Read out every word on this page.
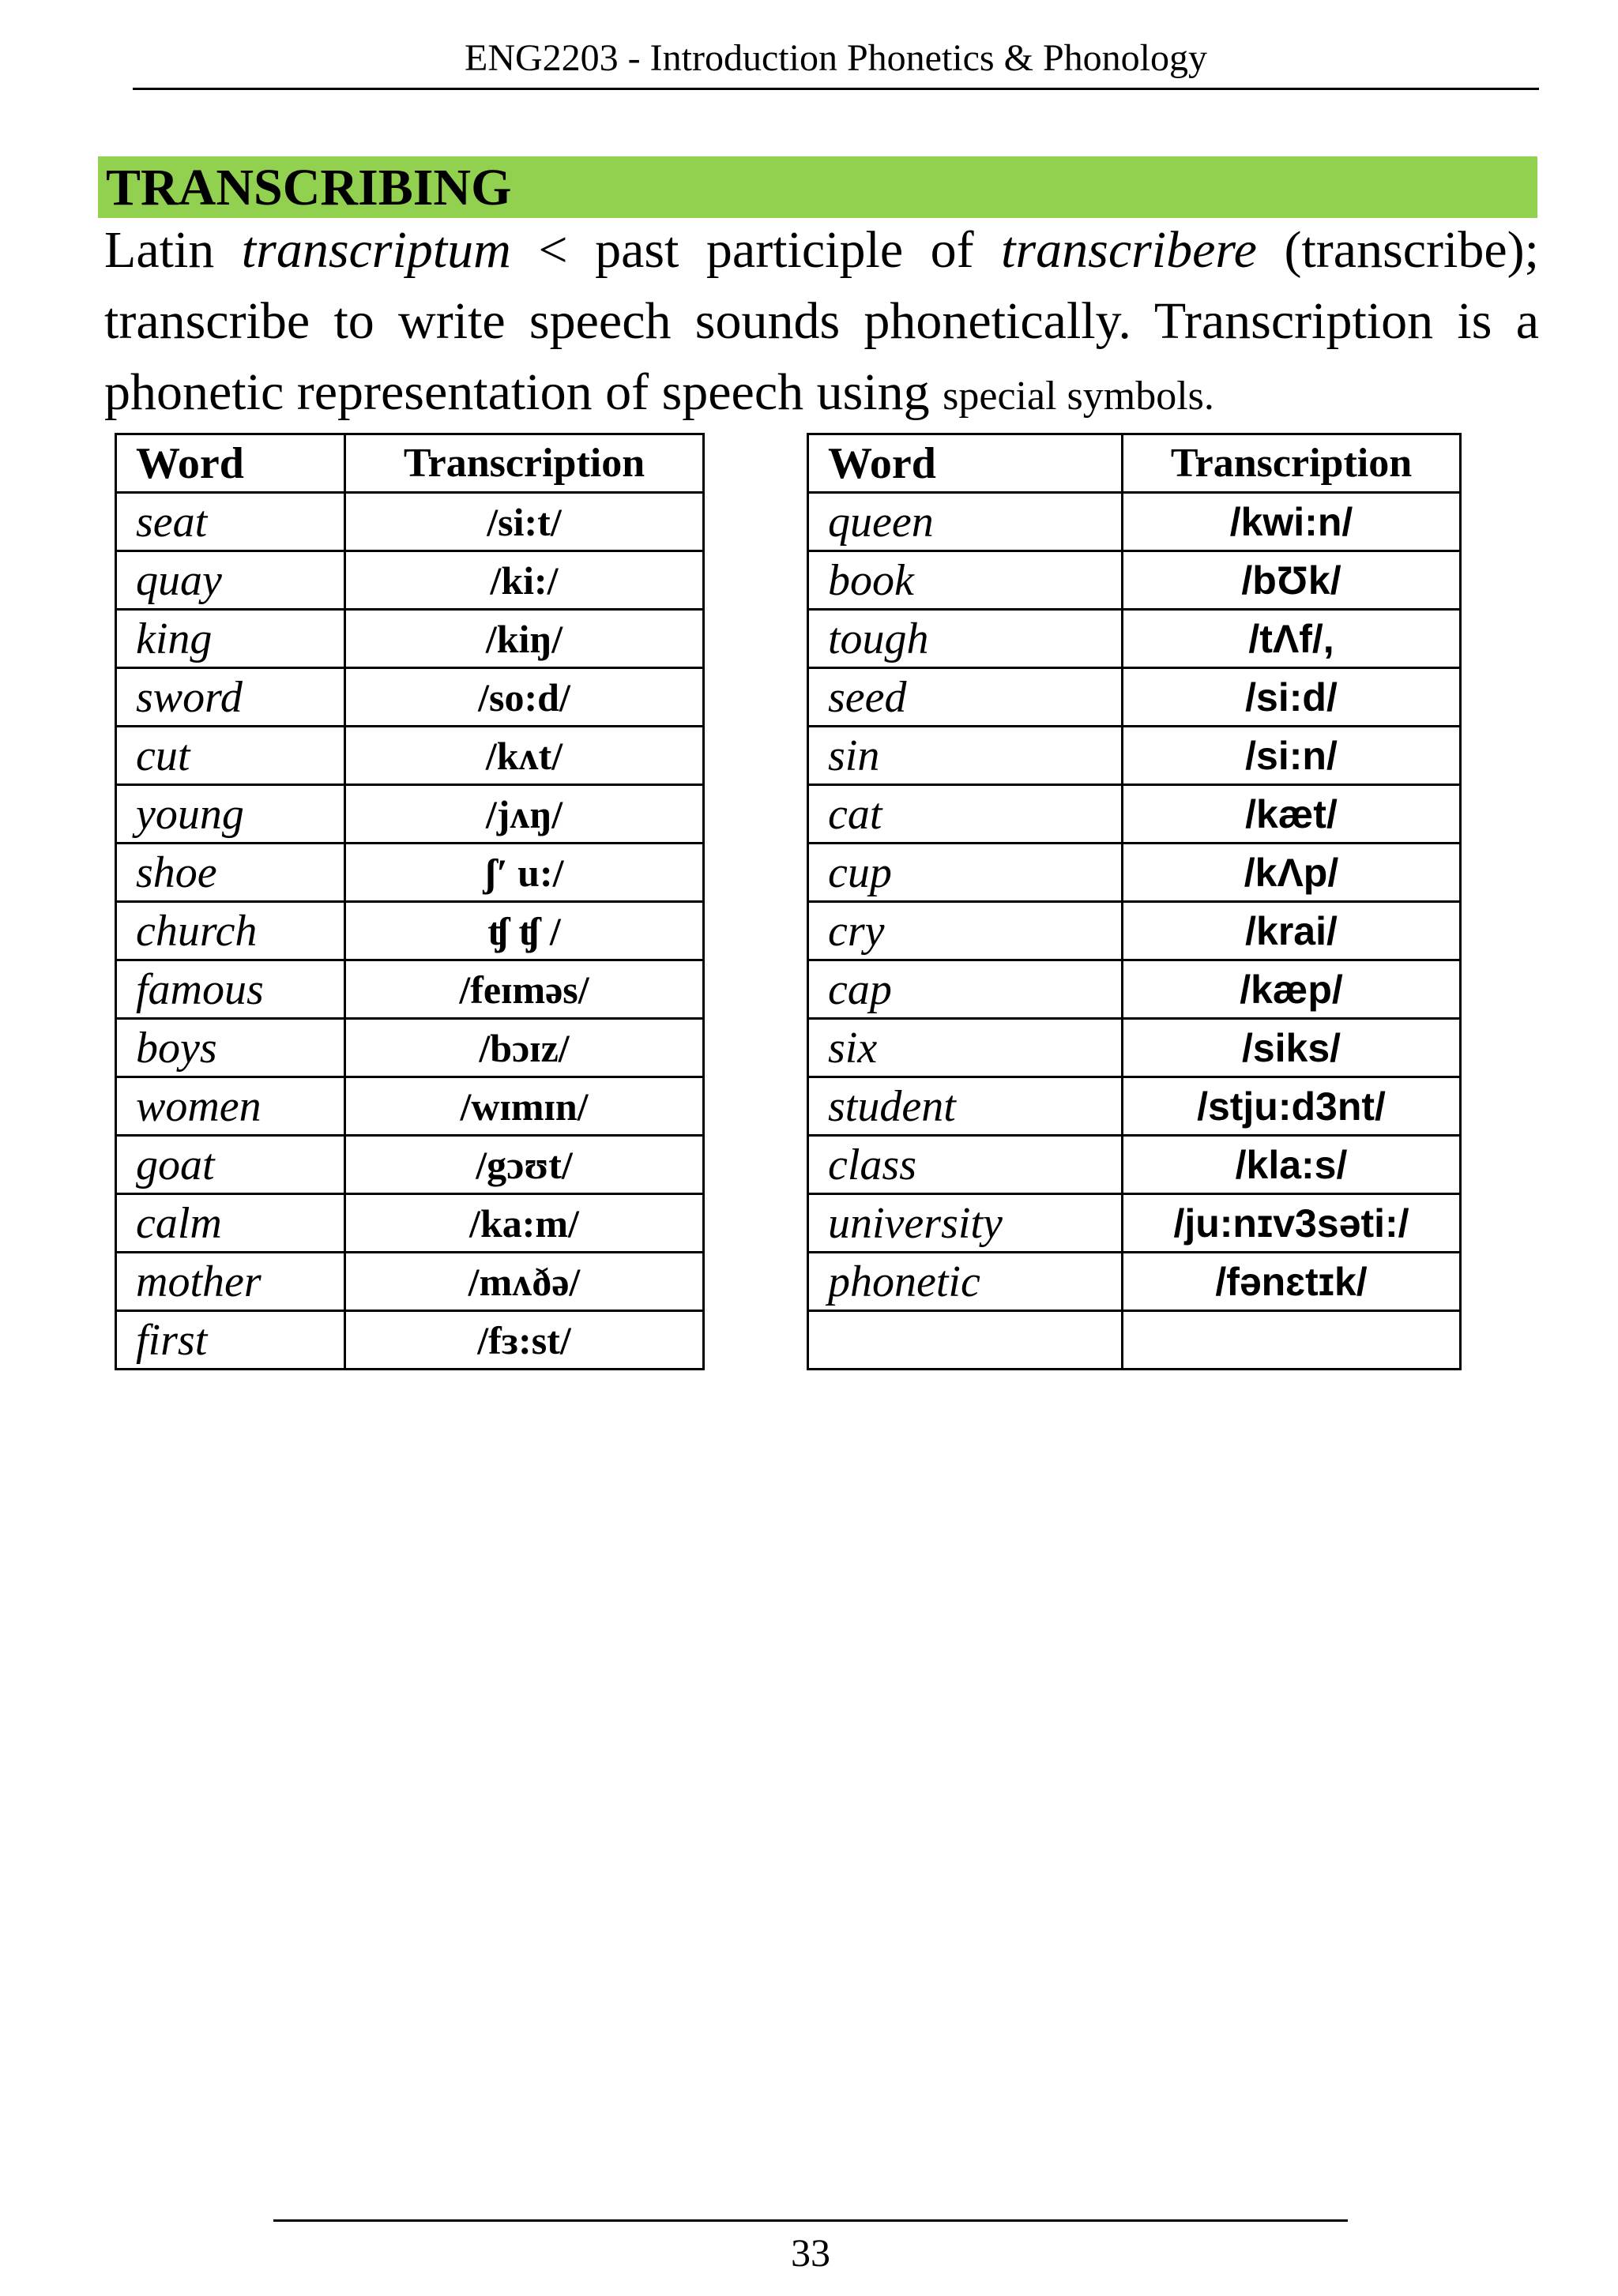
ENG2203 - Introduction Phonetics & Phonology
TRANSCRIBING

Latin transcriptum < past participle of transcribere (transcribe); transcribe to write speech sounds phonetically. Transcription is a phonetic representation of speech using special symbols.

Word	Transcription
seat	/si:t/
quay	/ki:/
king	/kiŋ/
sword	/so:d/
cut	/kʌt/
young	/jʌŋ/
shoe	ʃ′ u:/
church	ʧ ʧ /
famous	/feɪməs/
boys	/bɔɪz/
women	/wɪmɪn/
goat	/gɔʊt/
calm	/ka:m/
mother	/mʌðə/
first	/fɜ:st/
Word	Transcription
queen	/kwi:n/
book	/bƱk/
tough	/tɅf/,
seed	/si:d/
sin	/si:n/
cat	/kæt/
cup	/kɅp/
cry	/krai/
cap	/kæp/
six	/siks/
student	/stju:d3nt/
class	/kla:s/
university	/ju:nɪv3səti:/
phonetic	/fənɛtɪk/

33
